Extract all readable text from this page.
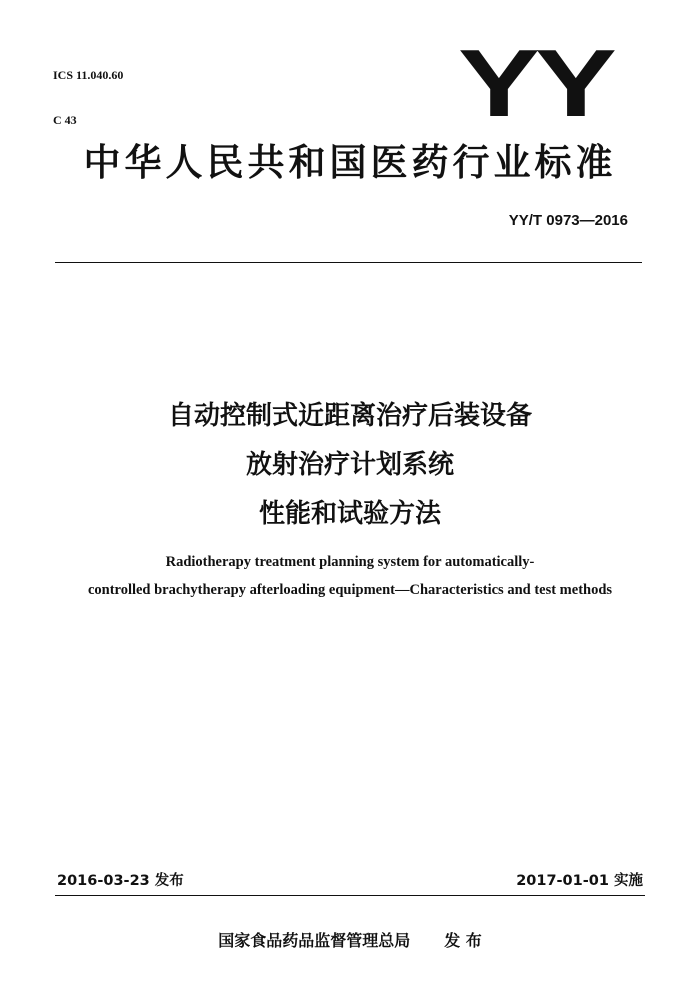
ICS 11.040.60

C 43	YY
中华人民共和国医药行业标准
YY/T 0973—2016
自动控制式近距离治疗后装设备
放射治疗计划系统
性能和试验方法
Radiotherapy treatment planning system for automatically-
controlled brachytherapy afterloading equipment—Characteristics and test methods
2016-03-23 发布	2017-01-01 实施
国家食品药品监督管理总局 发 布
